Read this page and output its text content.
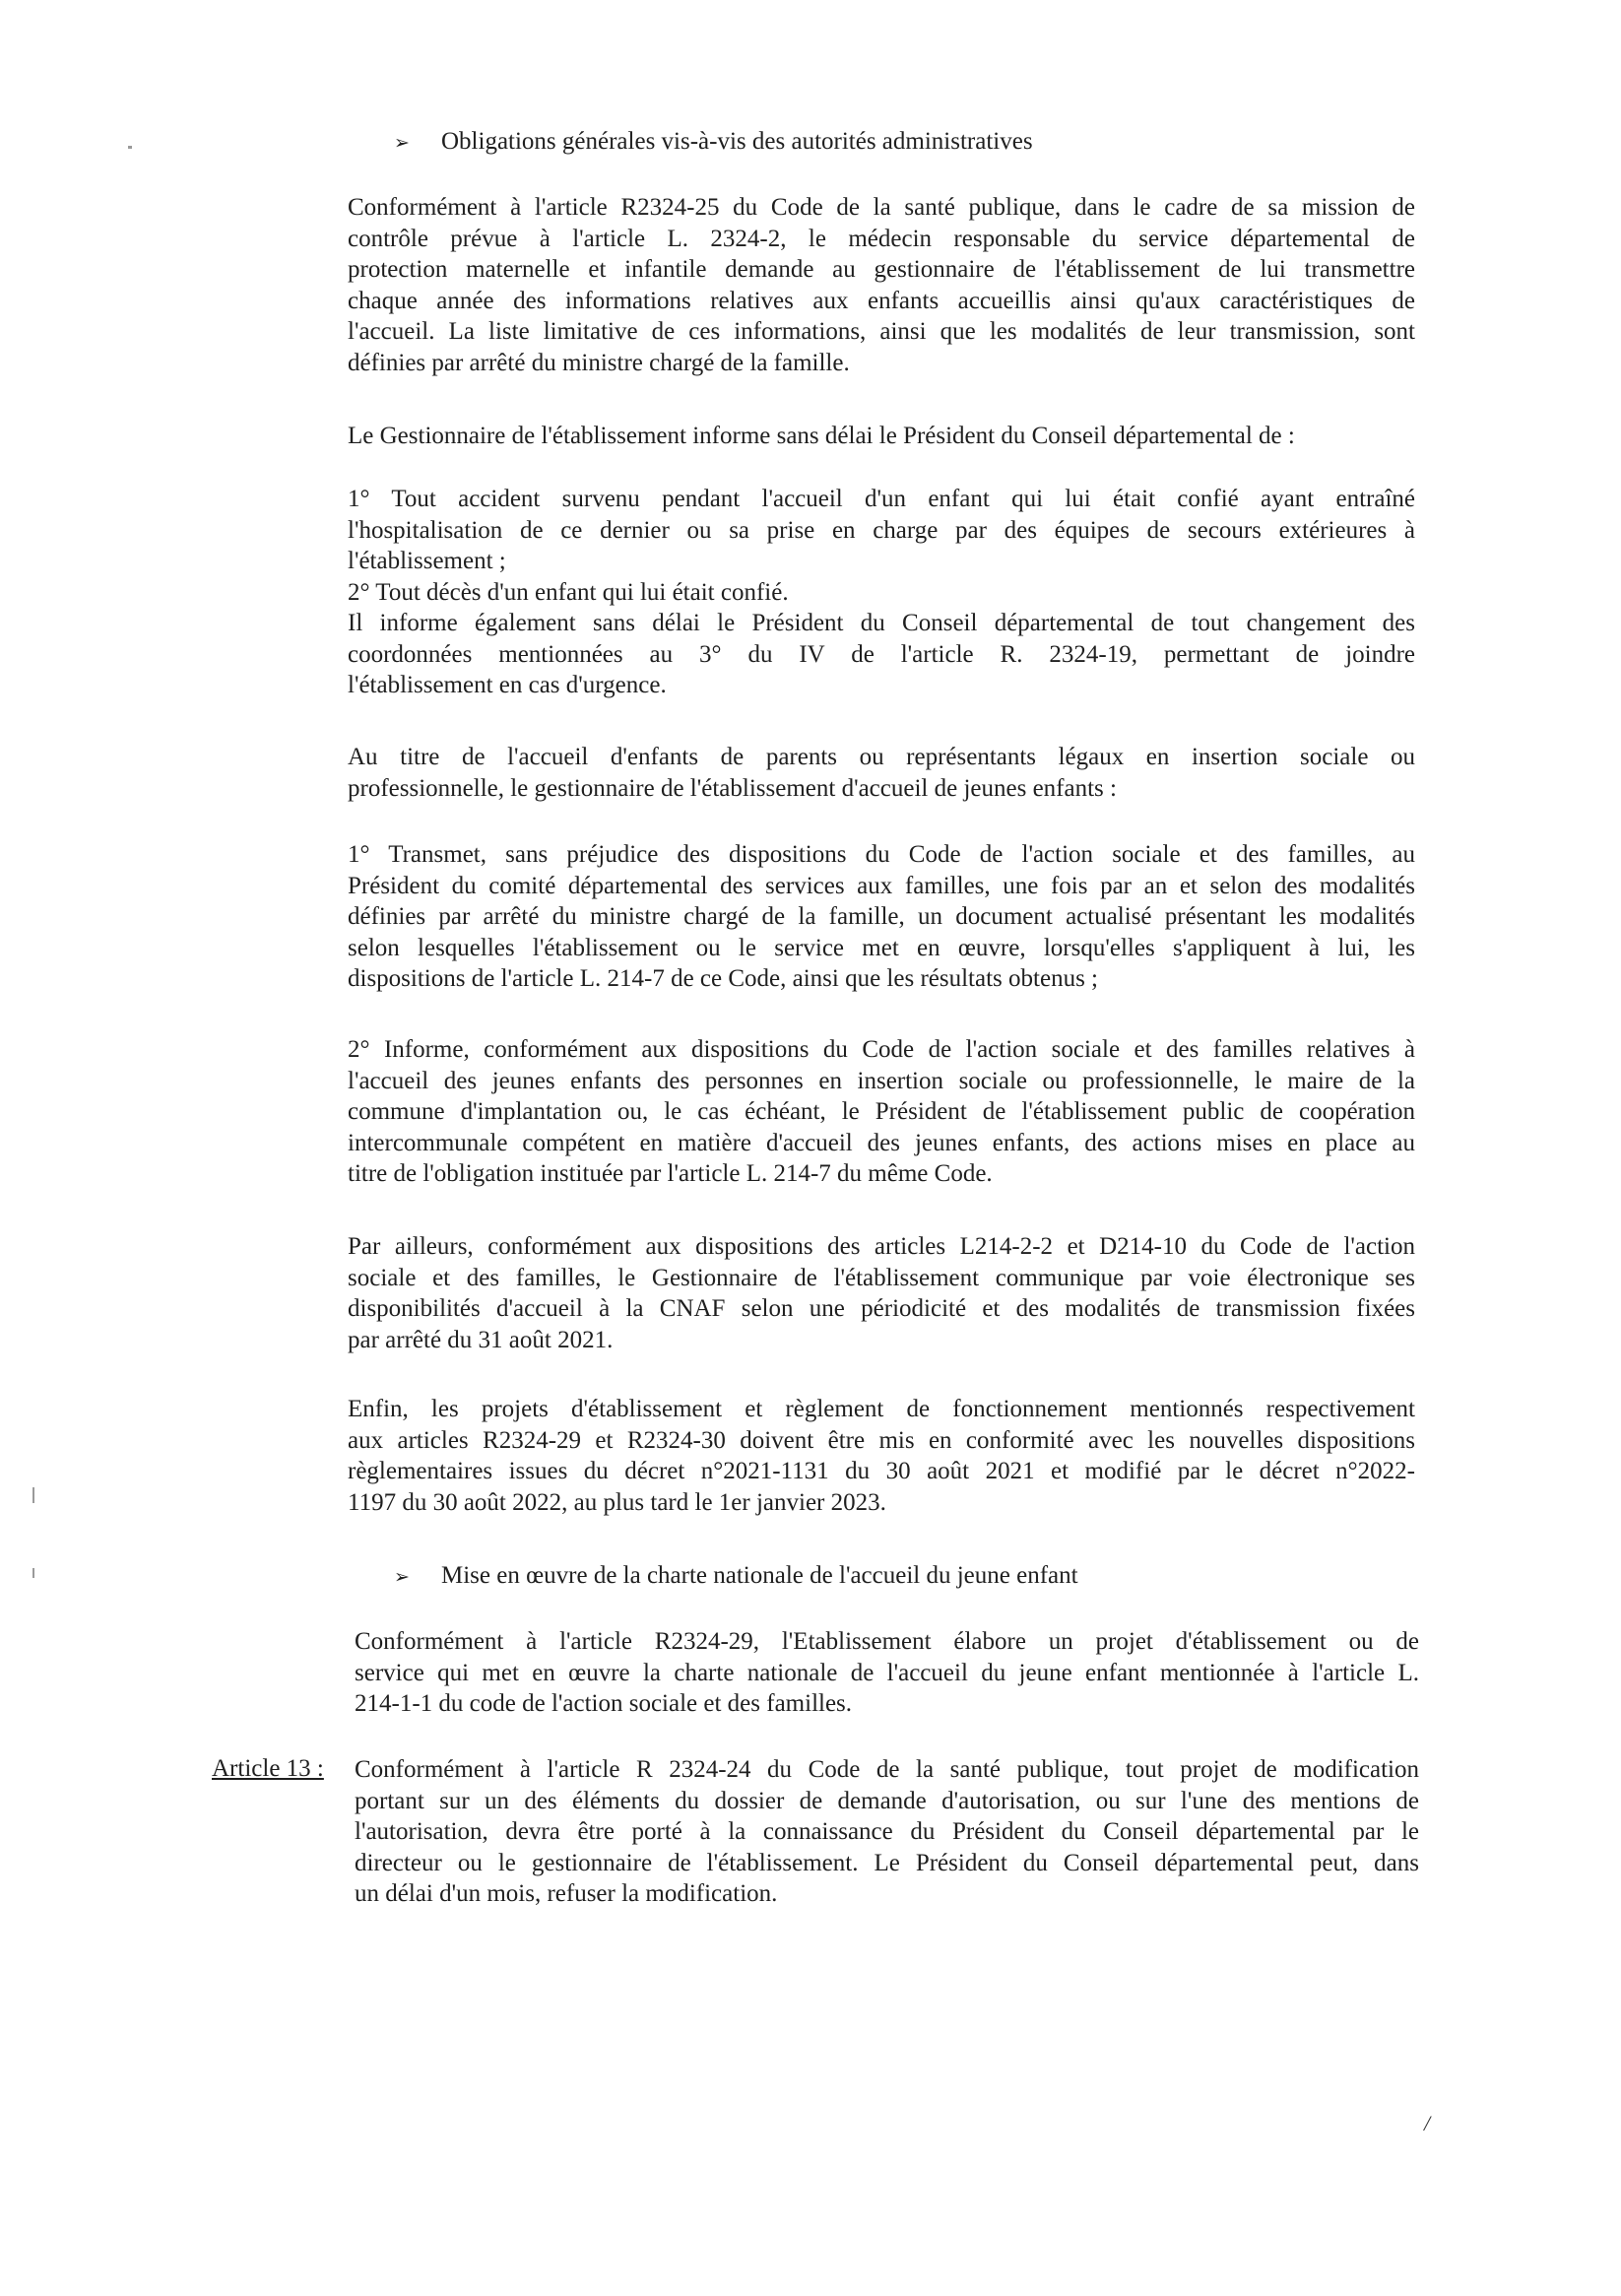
➢ Obligations générales vis-à-vis des autorités administratives
Conformément à l'article R2324-25 du Code de la santé publique, dans le cadre de sa mission de
contrôle prévue à l'article L. 2324-2, le médecin responsable du service départemental de
protection maternelle et infantile demande au gestionnaire de l'établissement de lui transmettre
chaque année des informations relatives aux enfants accueillis ainsi qu'aux caractéristiques de
l'accueil. La liste limitative de ces informations, ainsi que les modalités de leur transmission, sont
définies par arrêté du ministre chargé de la famille.
Le Gestionnaire de l'établissement informe sans délai le Président du Conseil départemental de :
1° Tout accident survenu pendant l'accueil d'un enfant qui lui était confié ayant entraîné
l'hospitalisation de ce dernier ou sa prise en charge par des équipes de secours extérieures à
l'établissement ;
2° Tout décès d'un enfant qui lui était confié.
Il informe également sans délai le Président du Conseil départemental de tout changement des
coordonnées mentionnées au 3° du IV de l'article R. 2324-19, permettant de joindre
l'établissement en cas d'urgence.
Au titre de l'accueil d'enfants de parents ou représentants légaux en insertion sociale ou
professionnelle, le gestionnaire de l'établissement d'accueil de jeunes enfants :
1° Transmet, sans préjudice des dispositions du Code de l'action sociale et des familles, au
Président du comité départemental des services aux familles, une fois par an et selon des modalités
définies par arrêté du ministre chargé de la famille, un document actualisé présentant les modalités
selon lesquelles l'établissement ou le service met en œuvre, lorsqu'elles s'appliquent à lui, les
dispositions de l'article L. 214-7 de ce Code, ainsi que les résultats obtenus ;
2° Informe, conformément aux dispositions du Code de l'action sociale et des familles relatives à
l'accueil des jeunes enfants des personnes en insertion sociale ou professionnelle, le maire de la
commune d'implantation ou, le cas échéant, le Président de l'établissement public de coopération
intercommunale compétent en matière d'accueil des jeunes enfants, des actions mises en place au
titre de l'obligation instituée par l'article L. 214-7 du même Code.
Par ailleurs, conformément aux dispositions des articles L214-2-2 et D214-10 du Code de l'action
sociale et des familles, le Gestionnaire de l'établissement communique par voie électronique ses
disponibilités d'accueil à la CNAF selon une périodicité et des modalités de transmission fixées
par arrêté du 31 août 2021.
Enfin, les projets d'établissement et règlement de fonctionnement mentionnés respectivement
aux articles R2324-29 et R2324-30 doivent être mis en conformité avec les nouvelles dispositions
règlementaires issues du décret n°2021-1131 du 30 août 2021 et modifié par le décret n°2022-
1197 du 30 août 2022, au plus tard le 1er janvier 2023.
➢ Mise en œuvre de la charte nationale de l'accueil du jeune enfant
Conformément à l'article R2324-29, l'Etablissement élabore un projet d'établissement ou de
service qui met en œuvre la charte nationale de l'accueil du jeune enfant mentionnée à l'article L.
214-1-1 du code de l'action sociale et des familles.
Article 13 : Conformément à l'article R 2324-24 du Code de la santé publique, tout projet de modification
portant sur un des éléments du dossier de demande d'autorisation, ou sur l'une des mentions de
l'autorisation, devra être porté à la connaissance du Président du Conseil départemental par le
directeur ou le gestionnaire de l'établissement. Le Président du Conseil départemental peut, dans
un délai d'un mois, refuser la modification.
/
